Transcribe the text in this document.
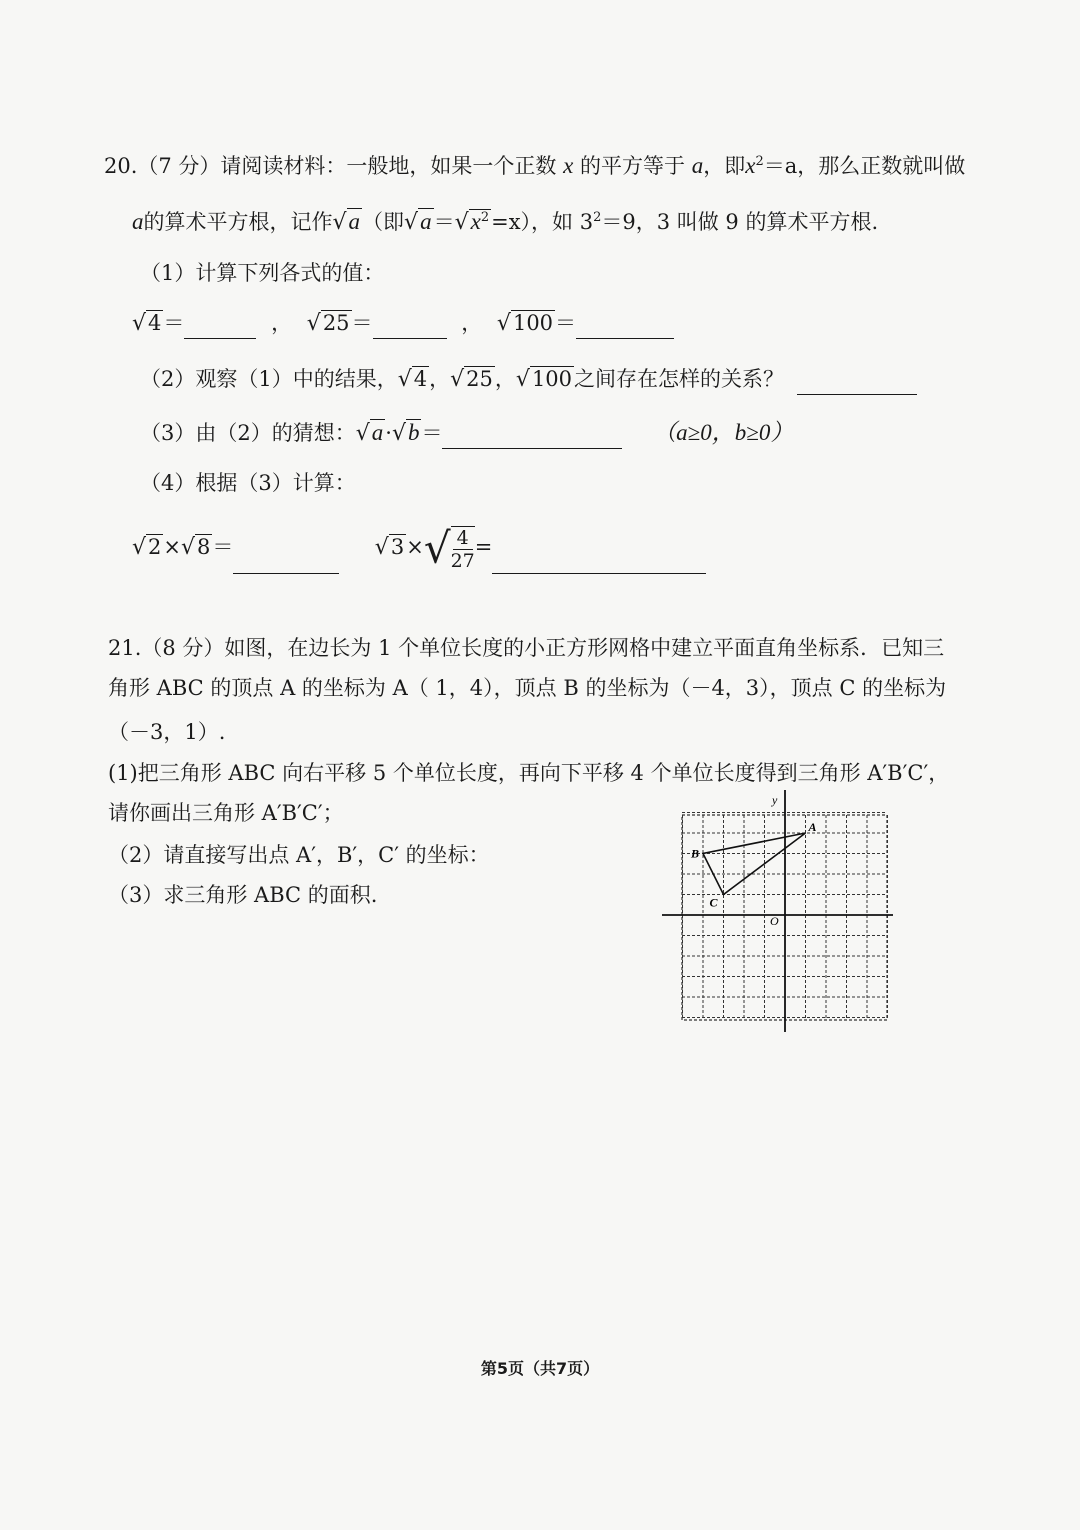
20.（7 分）请阅读材料：一般地，如果一个正数 x 的平方等于 a，即$x^2=a$，那么正数就叫做
a的算术平方根，记作√a（即$√a=√x^2=x$），如 $3^2=9$，3 叫做 9 的算术平方根.
（1）计算下列各式的值：
√4＝	， √25＝	， √100＝
（2）观察（1）中的结果，√4，√25，√100之间存在怎样的关系？
（3）由（2）的猜想：√a·√b＝	（a≥0，b≥0）
（4）根据（3）计算：
√2×√8＝	$√3\times√ \frac{4}{27}$ =
21.（8 分）如图，在边长为 1 个单位长度的小正方形网格中建立平面直角坐标系．已知三
角形 ABC 的顶点 A 的坐标为 A（ 1，4），顶点 B 的坐标为（－4，3），顶点 C 的坐标为
（－3，1）.
(1)把三角形 ABC 向右平移 5 个单位长度，再向下平移 4 个单位长度得到三角形 A′B′C′，
请你画出三角形 A′B′C′；
（2）请直接写出点 A′，B′，C′ 的坐标：
（3）求三角形 ABC 的面积.
y
O
A
B
C
第5页（共7页）
